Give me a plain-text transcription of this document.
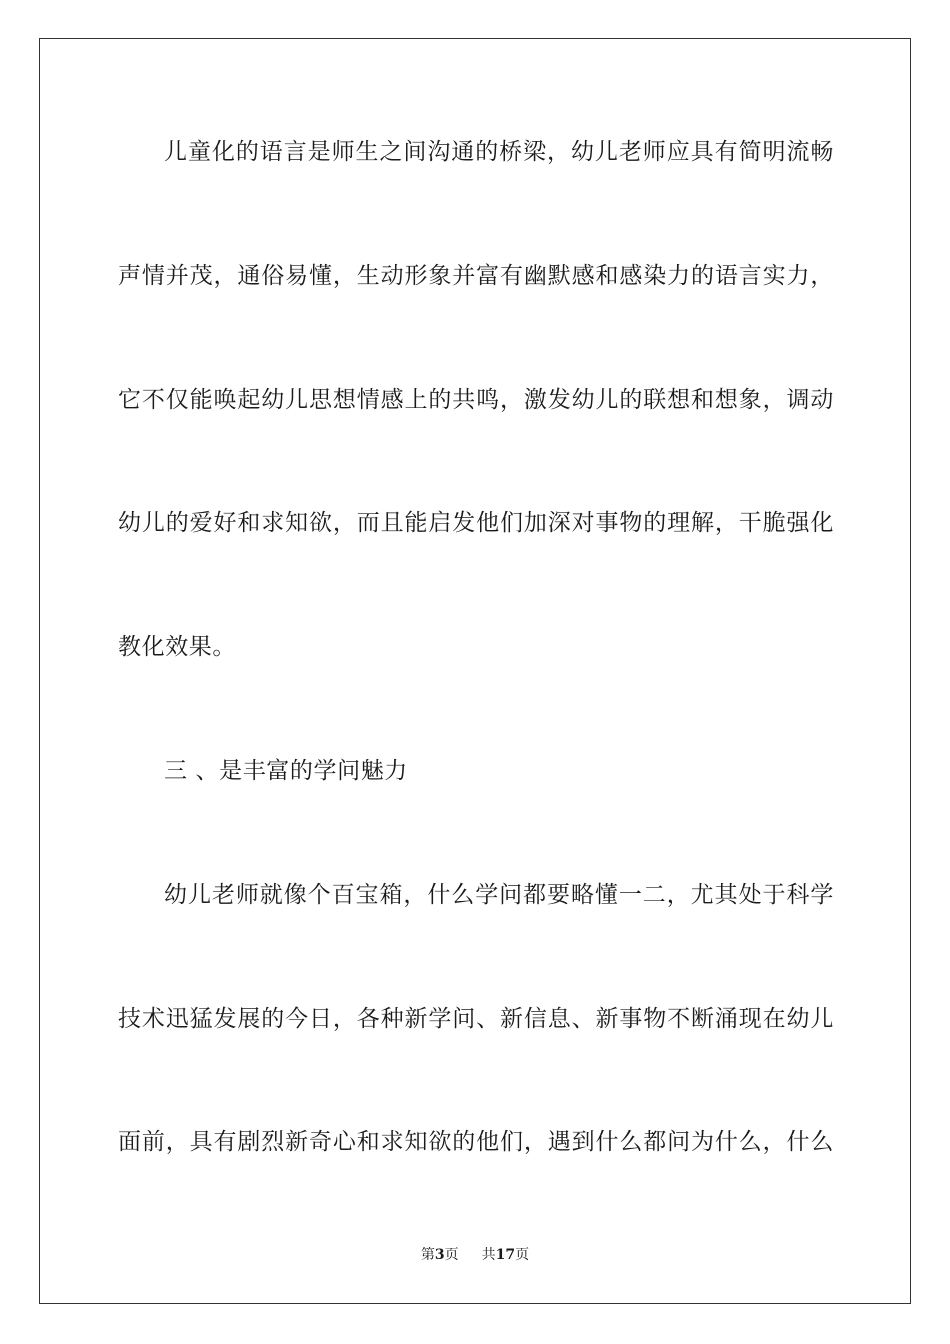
儿童化的语言是师生之间沟通的桥梁，幼儿老师应具有简明流畅
声情并茂，通俗易懂，生动形象并富有幽默感和感染力的语言实力，
它不仅能唤起幼儿思想情感上的共鸣，激发幼儿的联想和想象，调动
幼儿的爱好和求知欲，而且能启发他们加深对事物的理解，干脆强化
教化效果。
三 、是丰富的学问魅力
幼儿老师就像个百宝箱，什么学问都要略懂一二，尤其处于科学
技术迅猛发展的今日，各种新学问、新信息、新事物不断涌现在幼儿
面前，具有剧烈新奇心和求知欲的他们，遇到什么都问为什么，什么
第3页 共17页
